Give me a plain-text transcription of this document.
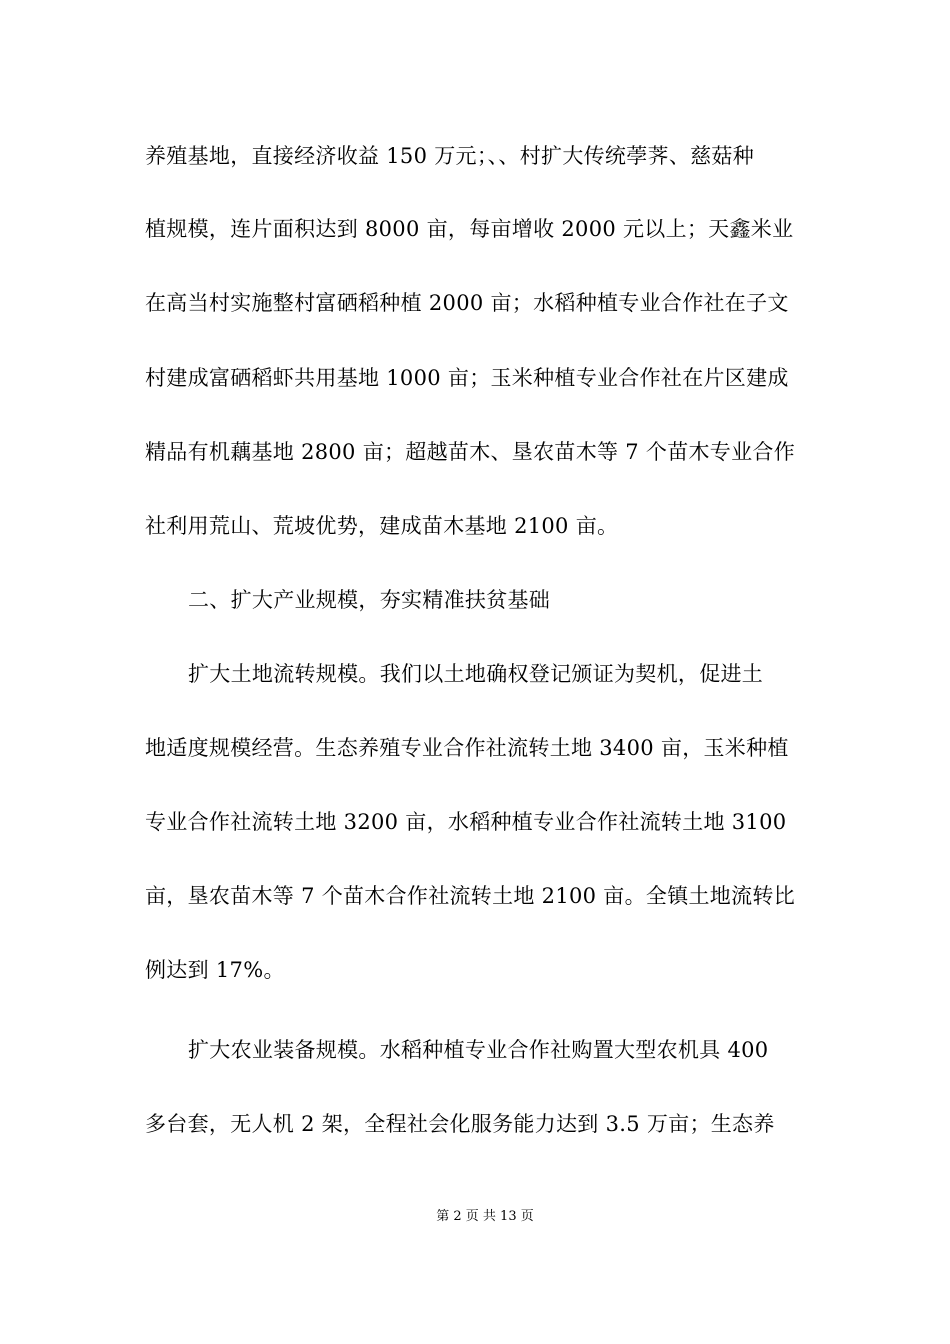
养殖基地，直接经济收益 150 万元；、、村扩大传统荸荠、慈菇种
植规模，连片面积达到 8000 亩，每亩增收 2000 元以上；天鑫米业
在高当村实施整村富硒稻种植 2000 亩；水稻种植专业合作社在子文
村建成富硒稻虾共用基地 1000 亩；玉米种植专业合作社在片区建成
精品有机藕基地 2800 亩；超越苗木、垦农苗木等 7 个苗木专业合作
社利用荒山、荒坡优势，建成苗木基地 2100 亩。
二、扩大产业规模，夯实精准扶贫基础
扩大土地流转规模。我们以土地确权登记颁证为契机，促进土
地适度规模经营。生态养殖专业合作社流转土地 3400 亩，玉米种植
专业合作社流转土地 3200 亩，水稻种植专业合作社流转土地 3100
亩，垦农苗木等 7 个苗木合作社流转土地 2100 亩。全镇土地流转比
例达到 17%。
扩大农业装备规模。水稻种植专业合作社购置大型农机具 400
多台套，无人机 2 架，全程社会化服务能力达到 3.5 万亩；生态养
第 2 页 共 13 页
